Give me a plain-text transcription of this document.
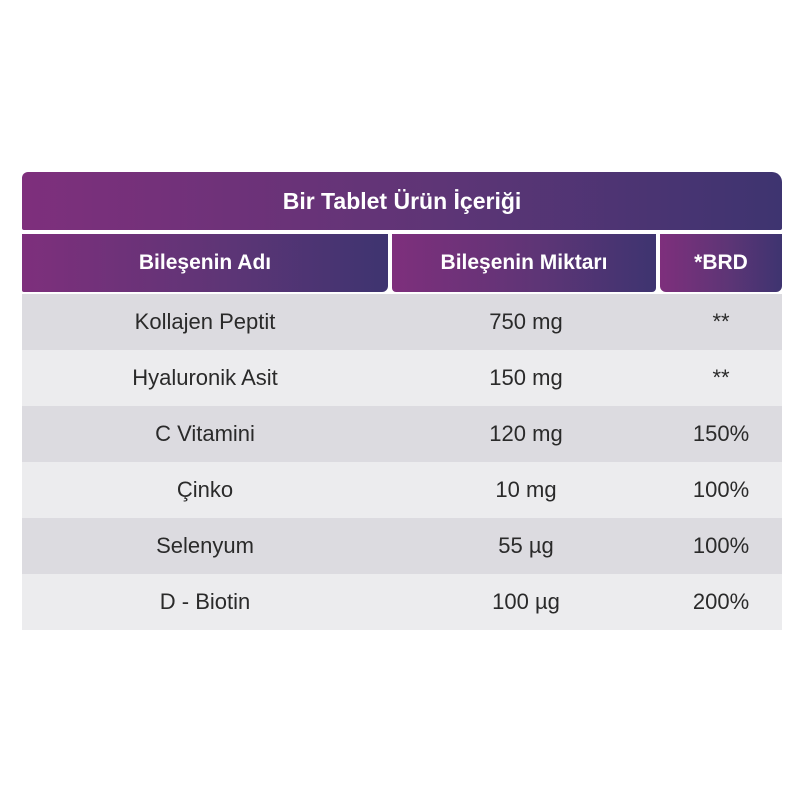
Bir Tablet Ürün İçeriği
Bileşenin Adı	Bileşenin Miktarı	*BRD
Kollajen Peptit	750 mg	**
Hyaluronik Asit	150 mg	**
C Vitamini	120 mg	150%
Çinko	10 mg	100%
Selenyum	55 µg	100%
D - Biotin	100 µg	200%
